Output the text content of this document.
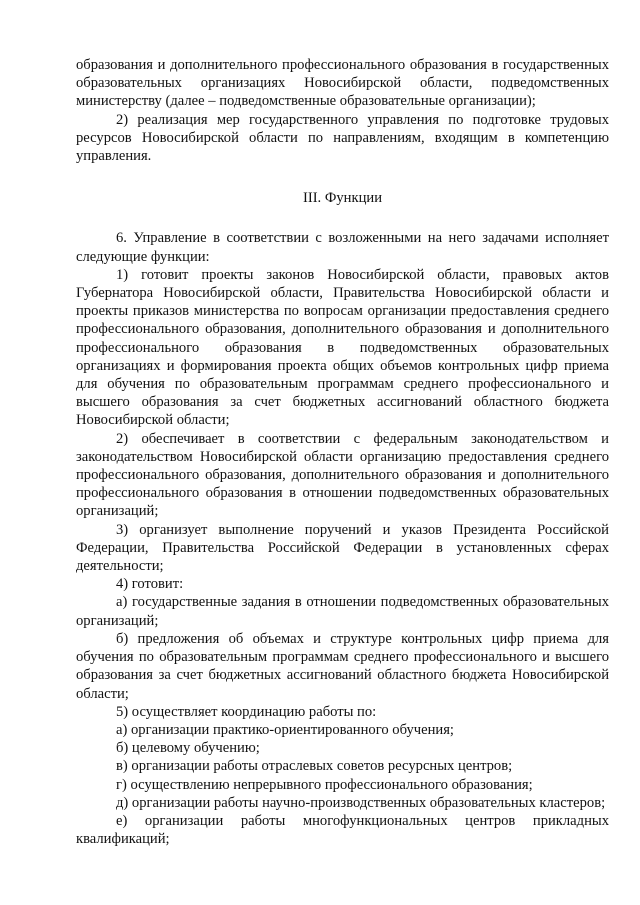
образования и дополнительного профессионального образования в государственных образовательных организациях Новосибирской области, подведомственных министерству (далее – подведомственные образовательные организации);

2) реализация мер государственного управления по подготовке трудовых ресурсов Новосибирской области по направлениям, входящим в компетенцию управления.

III. Функции

6. Управление в соответствии с возложенными на него задачами исполняет следующие функции:

1) готовит проекты законов Новосибирской области, правовых актов Губернатора Новосибирской области, Правительства Новосибирской области и проекты приказов министерства по вопросам организации предоставления среднего профессионального образования, дополнительного образования и дополнительного профессионального образования в подведомственных образовательных организациях и формирования проекта общих объемов контрольных цифр приема для обучения по образовательным программам среднего профессионального и высшего образования за счет бюджетных ассигнований областного бюджета Новосибирской области;

2) обеспечивает в соответствии с федеральным законодательством и законодательством Новосибирской области организацию предоставления среднего профессионального образования, дополнительного образования и дополнительного профессионального образования в отношении подведомственных образовательных организаций;

3) организует выполнение поручений и указов Президента Российской Федерации, Правительства Российской Федерации в установленных сферах деятельности;

4) готовит:

а) государственные задания в отношении подведомственных образовательных организаций;

б) предложения об объемах и структуре контрольных цифр приема для обучения по образовательным программам среднего профессионального и высшего образования за счет бюджетных ассигнований областного бюджета Новосибирской области;

5) осуществляет координацию работы по:

а) организации практико-ориентированного обучения;

б) целевому обучению;

в) организации работы отраслевых советов ресурсных центров;

г) осуществлению непрерывного профессионального образования;

д) организации работы научно-производственных образовательных кластеров;

е) организации работы многофункциональных центров прикладных квалификаций;
